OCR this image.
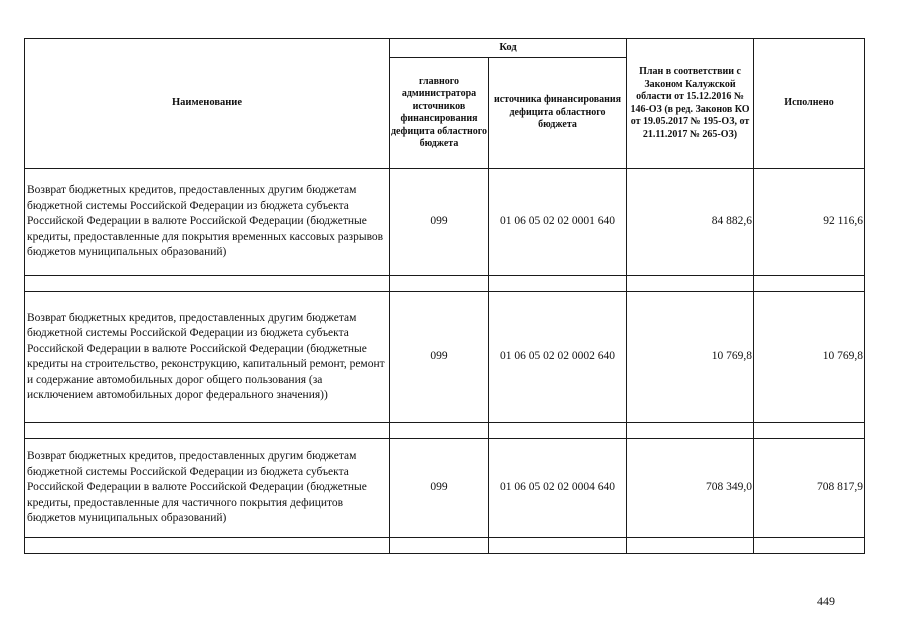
Наименование	Код		План в соответствии с Законом Калужской области от 15.12.2016 № 146-ОЗ (в ред. Законов КО от 19.05.2017 № 195-ОЗ, от 21.11.2017 № 265-ОЗ)	Исполнено
	главного администратора источников финансирования дефицита областного бюджета	источника финансирования дефицита областного бюджета		
Возврат бюджетных кредитов, предоставленных другим бюджетам бюджетной системы Российской Федерации из бюджета субъекта Российской Федерации в валюте Российской Федерации (бюджетные кредиты, предоставленные для покрытия временных кассовых разрывов бюджетов муниципальных образований)	099	01 06 05 02 02 0001 640	84 882,6	92 116,6

Возврат бюджетных кредитов, предоставленных другим бюджетам бюджетной системы Российской Федерации из бюджета субъекта Российской Федерации в валюте Российской Федерации (бюджетные кредиты на строительство, реконструкцию, капитальный ремонт, ремонт и содержание автомобильных дорог общего пользования (за исключением автомобильных дорог федерального значения))	099	01 06 05 02 02 0002 640	10 769,8	10 769,8

Возврат бюджетных кредитов, предоставленных другим бюджетам бюджетной системы Российской Федерации из бюджета субъекта Российской Федерации в валюте Российской Федерации (бюджетные кредиты, предоставленные для частичного покрытия дефицитов бюджетов муниципальных образований)	099	01 06 05 02 02 0004 640	708 349,0	708 817,9

449
